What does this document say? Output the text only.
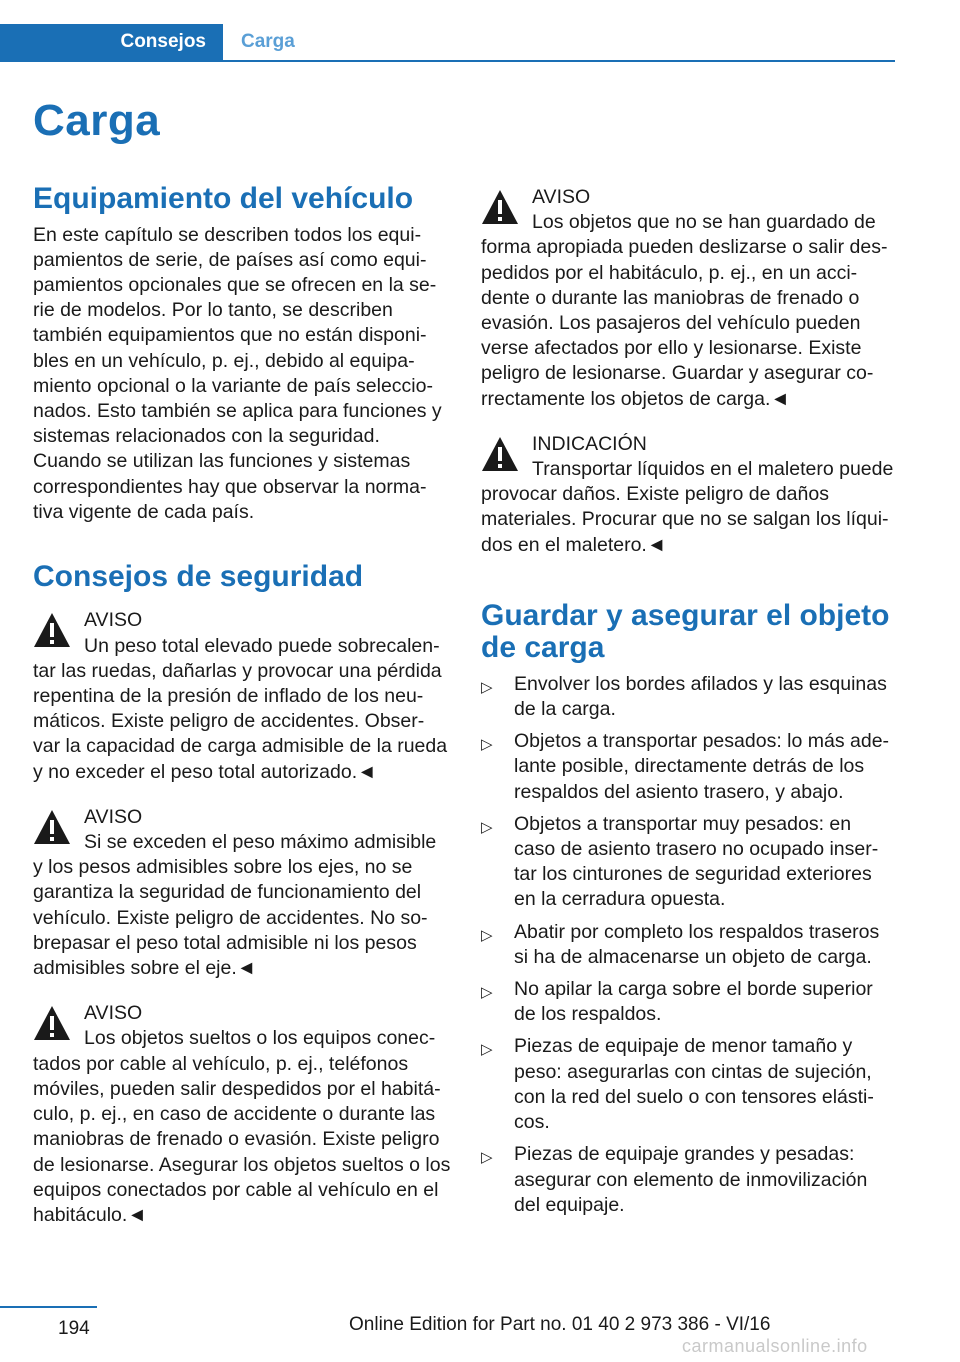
Consejos	Carga
Carga
Equipamiento del vehículo

En este capítulo se describen todos los equi-pamientos de serie, de países así como equi-pamientos opcionales que se ofrecen en la se-rie de modelos. Por lo tanto, se describen también equipamientos que no están disponi-bles en un vehículo, p. ej., debido al equipa-miento opcional o la variante de país seleccio-nados. Esto también se aplica para funciones y sistemas relacionados con la seguridad. Cuando se utilizan las funciones y sistemas correspondientes hay que observar la norma-tiva vigente de cada país.

Consejos de seguridad
AVISO
Un peso total elevado puede sobrecalen-tar las ruedas, dañarlas y provocar una pérdida repentina de la presión de inflado de los neu-máticos. Existe peligro de accidentes. Obser-var la capacidad de carga admisible de la rueda y no exceder el peso total autorizado.◄
AVISO
Si se exceden el peso máximo admisible y los pesos admisibles sobre los ejes, no se garantiza la seguridad de funcionamiento del vehículo. Existe peligro de accidentes. No so-brepasar el peso total admisible ni los pesos admisibles sobre el eje.◄
AVISO
Los objetos sueltos o los equipos conec-tados por cable al vehículo, p. ej., teléfonos móviles, pueden salir despedidos por el habitá-culo, p. ej., en caso de accidente o durante las maniobras de frenado o evasión. Existe peligro de lesionarse. Asegurar los objetos sueltos o los equipos conectados por cable al vehículo en el habitáculo.◄
AVISO
Los objetos que no se han guardado de forma apropiada pueden deslizarse o salir des-pedidos por el habitáculo, p. ej., en un acci-dente o durante las maniobras de frenado o evasión. Los pasajeros del vehículo pueden verse afectados por ello y lesionarse. Existe peligro de lesionarse. Guardar y asegurar co-rrectamente los objetos de carga.◄
INDICACIÓN
Transportar líquidos en el maletero puede provocar daños. Existe peligro de daños materiales. Procurar que no se salgan los líqui-dos en el maletero.◄
Guardar y asegurar el objeto de carga
▷ Envolver los bordes afilados y las esquinas de la carga.
▷ Objetos a transportar pesados: lo más ade-lante posible, directamente detrás de los respaldos del asiento trasero, y abajo.
▷ Objetos a transportar muy pesados: en caso de asiento trasero no ocupado inser-tar los cinturones de seguridad exteriores en la cerradura opuesta.
▷ Abatir por completo los respaldos traseros si ha de almacenarse un objeto de carga.
▷ No apilar la carga sobre el borde superior de los respaldos.
▷ Piezas de equipaje de menor tamaño y peso: asegurarlas con cintas de sujeción, con la red del suelo o con tensores elásti-cos.
▷ Piezas de equipaje grandes y pesadas: asegurar con elemento de inmovilización del equipaje.
194	Online Edition for Part no. 01 40 2 973 386 - VI/16
carmanualsonline.info
